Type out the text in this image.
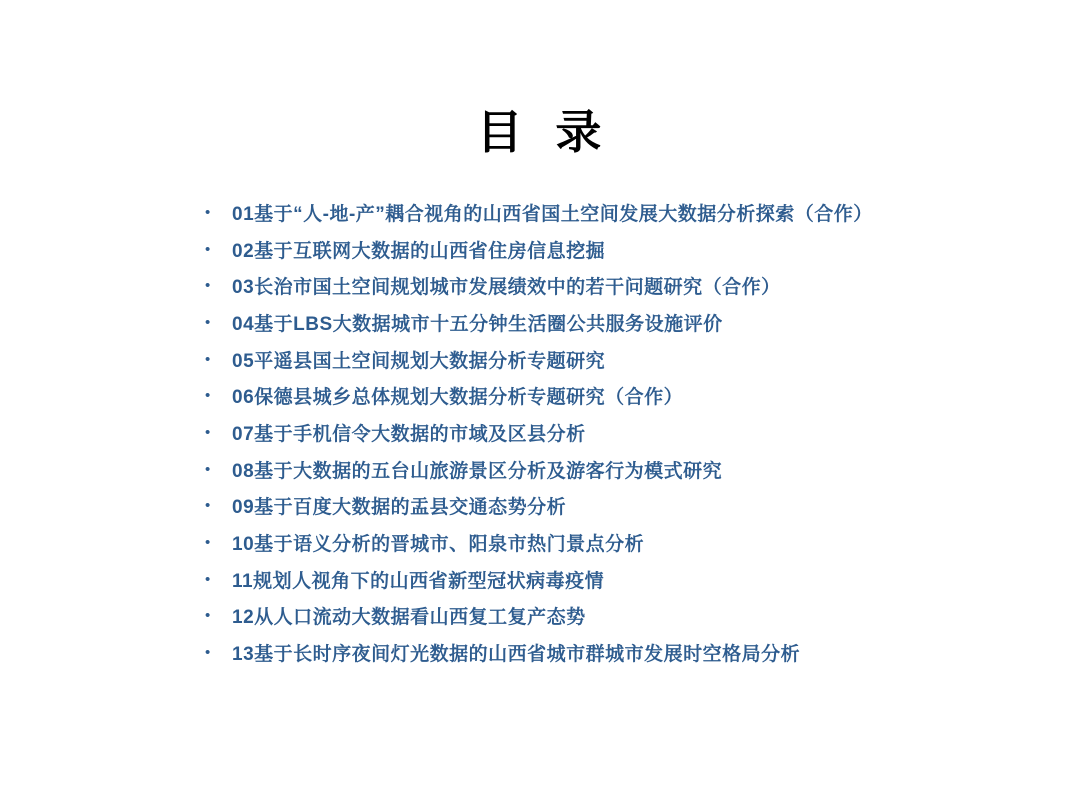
目 录
•	01基于“人-地-产”耦合视角的山西省国土空间发展大数据分析探索（合作）
•	02基于互联网大数据的山西省住房信息挖掘
•	03长治市国土空间规划城市发展绩效中的若干问题研究（合作）
•	04基于LBS大数据城市十五分钟生活圈公共服务设施评价
•	05平遥县国土空间规划大数据分析专题研究
•	06保德县城乡总体规划大数据分析专题研究（合作）
•	07基于手机信令大数据的市域及区县分析
•	08基于大数据的五台山旅游景区分析及游客行为模式研究
•	09基于百度大数据的盂县交通态势分析
•	10基于语义分析的晋城市、阳泉市热门景点分析
•	11规划人视角下的山西省新型冠状病毒疫情
•	12从人口流动大数据看山西复工复产态势
•	13基于长时序夜间灯光数据的山西省城市群城市发展时空格局分析
